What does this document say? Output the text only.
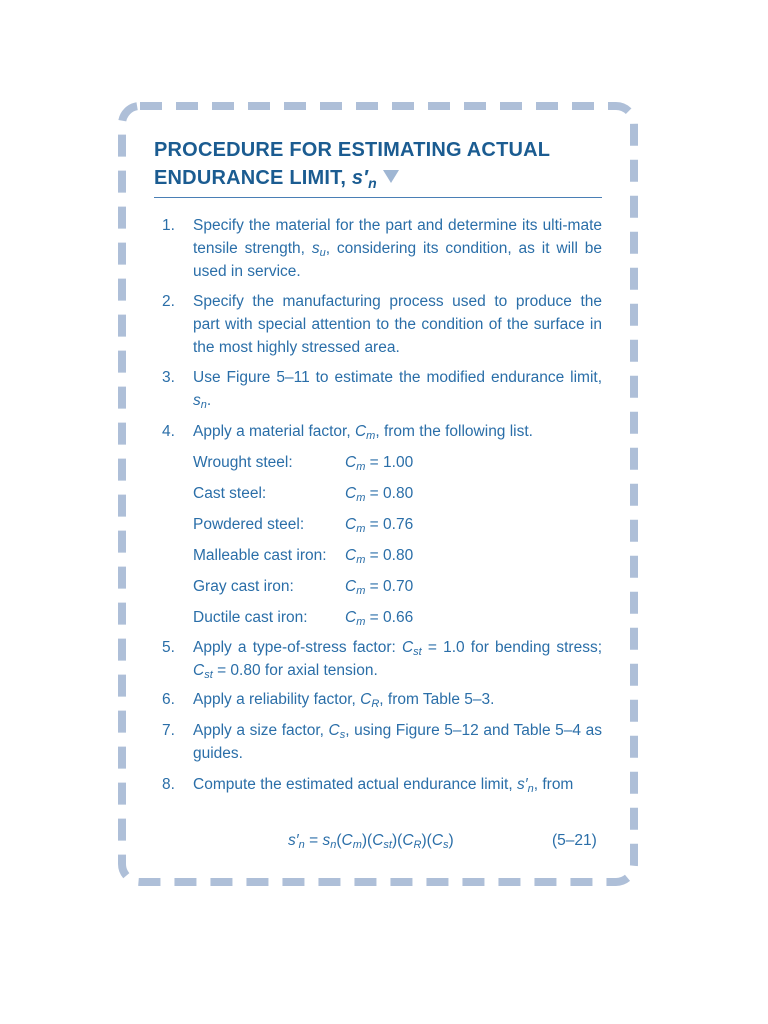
PROCEDURE FOR ESTIMATING ACTUAL
ENDURANCE LIMIT, $s'_n$
1.	Specify the material for the part and determine its ulti-mate tensile strength, $s_u$, considering its condition, as it will be used in service.
2.	Specify the manufacturing process used to produce the part with special attention to the condition of the surface in the most highly stressed area.
3.	Use Figure 5–11 to estimate the modified endurance limit, $s_n$.
4.	Apply a material factor, $C_m$, from the following list.
5.	Apply a type-of-stress factor: $C_{st} = 1.0$ for bending stress; $C_{st} = 0.80$ for axial tension.
6.	Apply a reliability factor, $C_R$, from Table 5–3.
7.	Apply a size factor, $C_s$, using Figure 5–12 and Table 5–4 as guides.
8.	Compute the estimated actual endurance limit, $s'_n$, from
Wrought steel:	$C_m = 1.00$
Cast steel:	$C_m = 0.80$
Powdered steel:	$C_m = 0.76$
Malleable cast iron:	$C_m = 0.80$
Gray cast iron:	$C_m = 0.70$
Ductile cast iron:	$C_m = 0.66$
$s'_n = s_n(C_m)(C_{st})(C_R)(C_s)$	(5–21)
